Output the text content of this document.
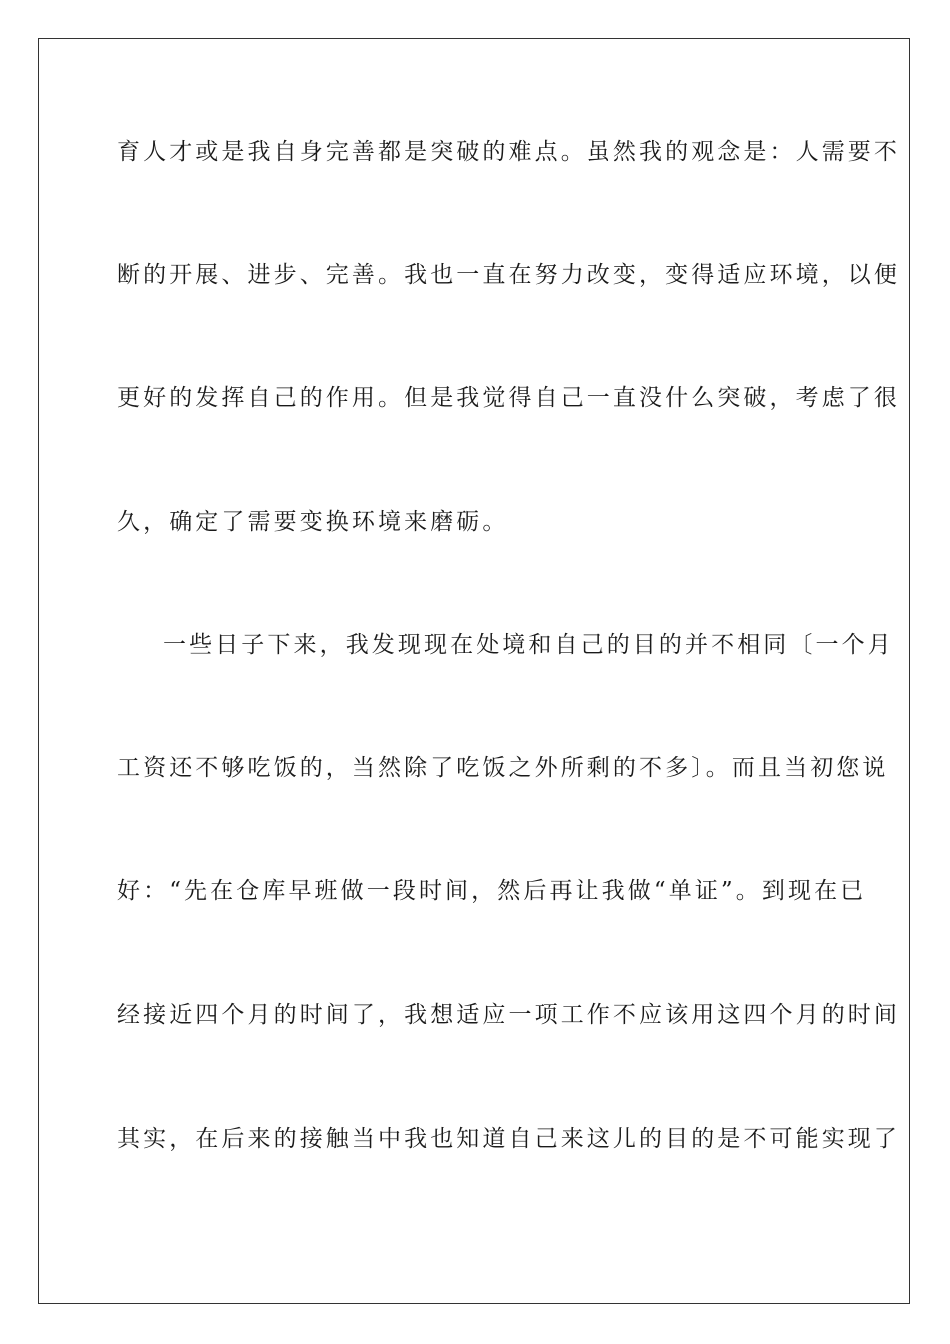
育人才或是我自身完善都是突破的难点。虽然我的观念是：人需要不
断的开展、进步、完善。我也一直在努力改变，变得适应环境，以便
更好的发挥自己的作用。但是我觉得自己一直没什么突破，考虑了很
久，确定了需要变换环境来磨砺。
一些日子下来，我发现现在处境和自己的目的并不相同〔一个月
工资还不够吃饭的，当然除了吃饭之外所剩的不多〕。而且当初您说
好：“先在仓库早班做一段时间，然后再让我做“单证”。到现在已
经接近四个月的时间了，我想适应一项工作不应该用这四个月的时间
其实，在后来的接触当中我也知道自己来这儿的目的是不可能实现了
